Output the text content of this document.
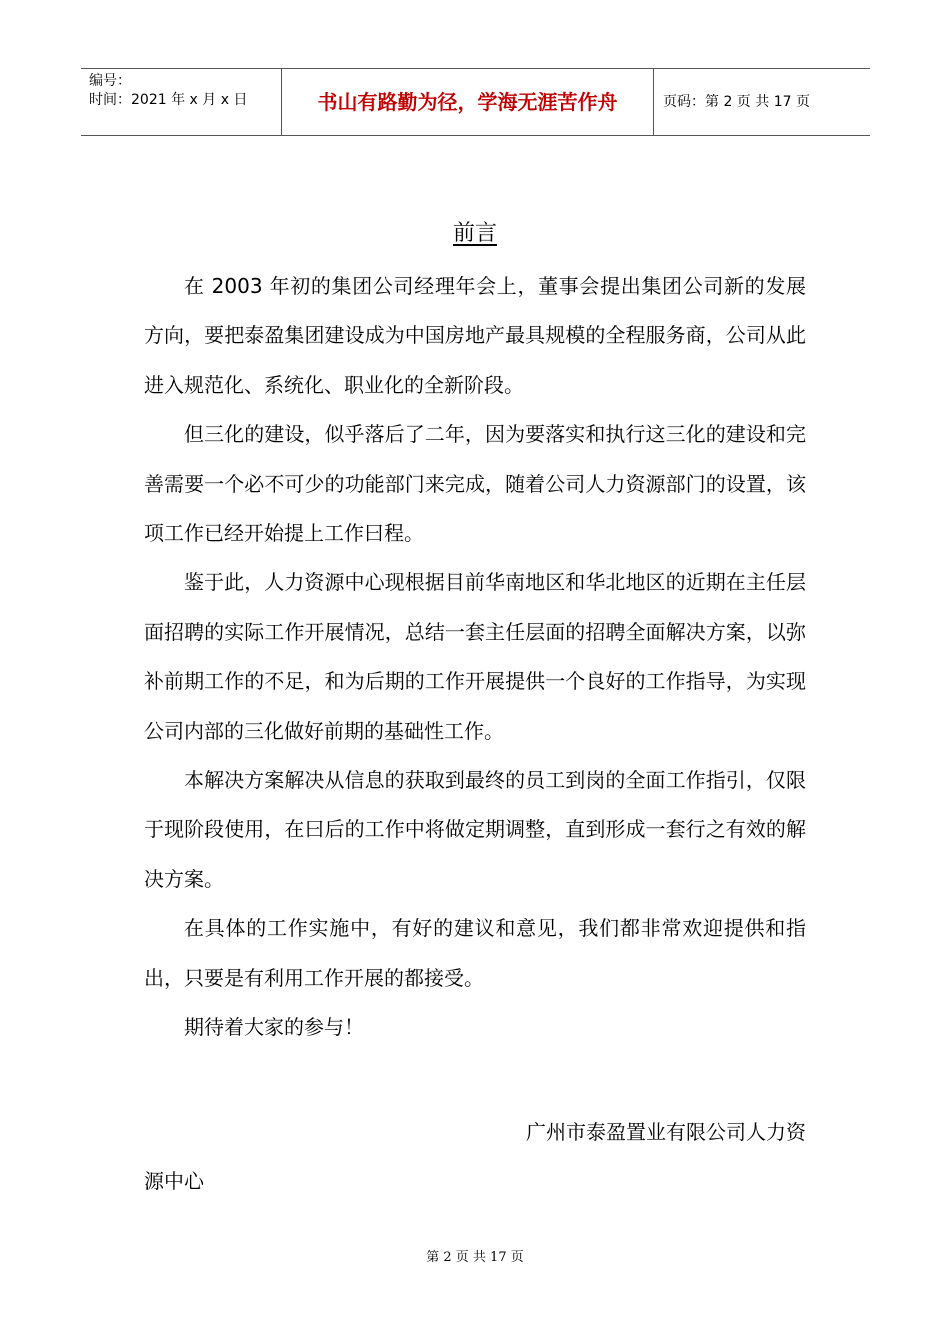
编号：
时间：2021 年 x 月 x 日	书山有路勤为径，学海无涯苦作舟	页码：第 2 页 共 17 页
前言

在 2003 年初的集团公司经理年会上，董事会提出集团公司新的发展方向，要把泰盈集团建设成为中国房地产最具规模的全程服务商，公司从此进入规范化、系统化、职业化的全新阶段。

但三化的建设，似乎落后了二年，因为要落实和执行这三化的建设和完善需要一个必不可少的功能部门来完成，随着公司人力资源部门的设置，该项工作已经开始提上工作曰程。

鉴于此，人力资源中心现根据目前华南地区和华北地区的近期在主任层面招聘的实际工作开展情况，总结一套主任层面的招聘全面解决方案，以弥补前期工作的不足，和为后期的工作开展提供一个良好的工作指导，为实现公司内部的三化做好前期的基础性工作。

本解决方案解决从信息的获取到最终的员工到岗的全面工作指引，仅限于现阶段使用，在曰后的工作中将做定期调整，直到形成一套行之有效的解决方案。

在具体的工作实施中，有好的建议和意见，我们都非常欢迎提供和指出，只要是有利用工作开展的都接受。

期待着大家的参与！

广州市泰盈置业有限公司人力资
源中心
第 2 页 共 17 页
